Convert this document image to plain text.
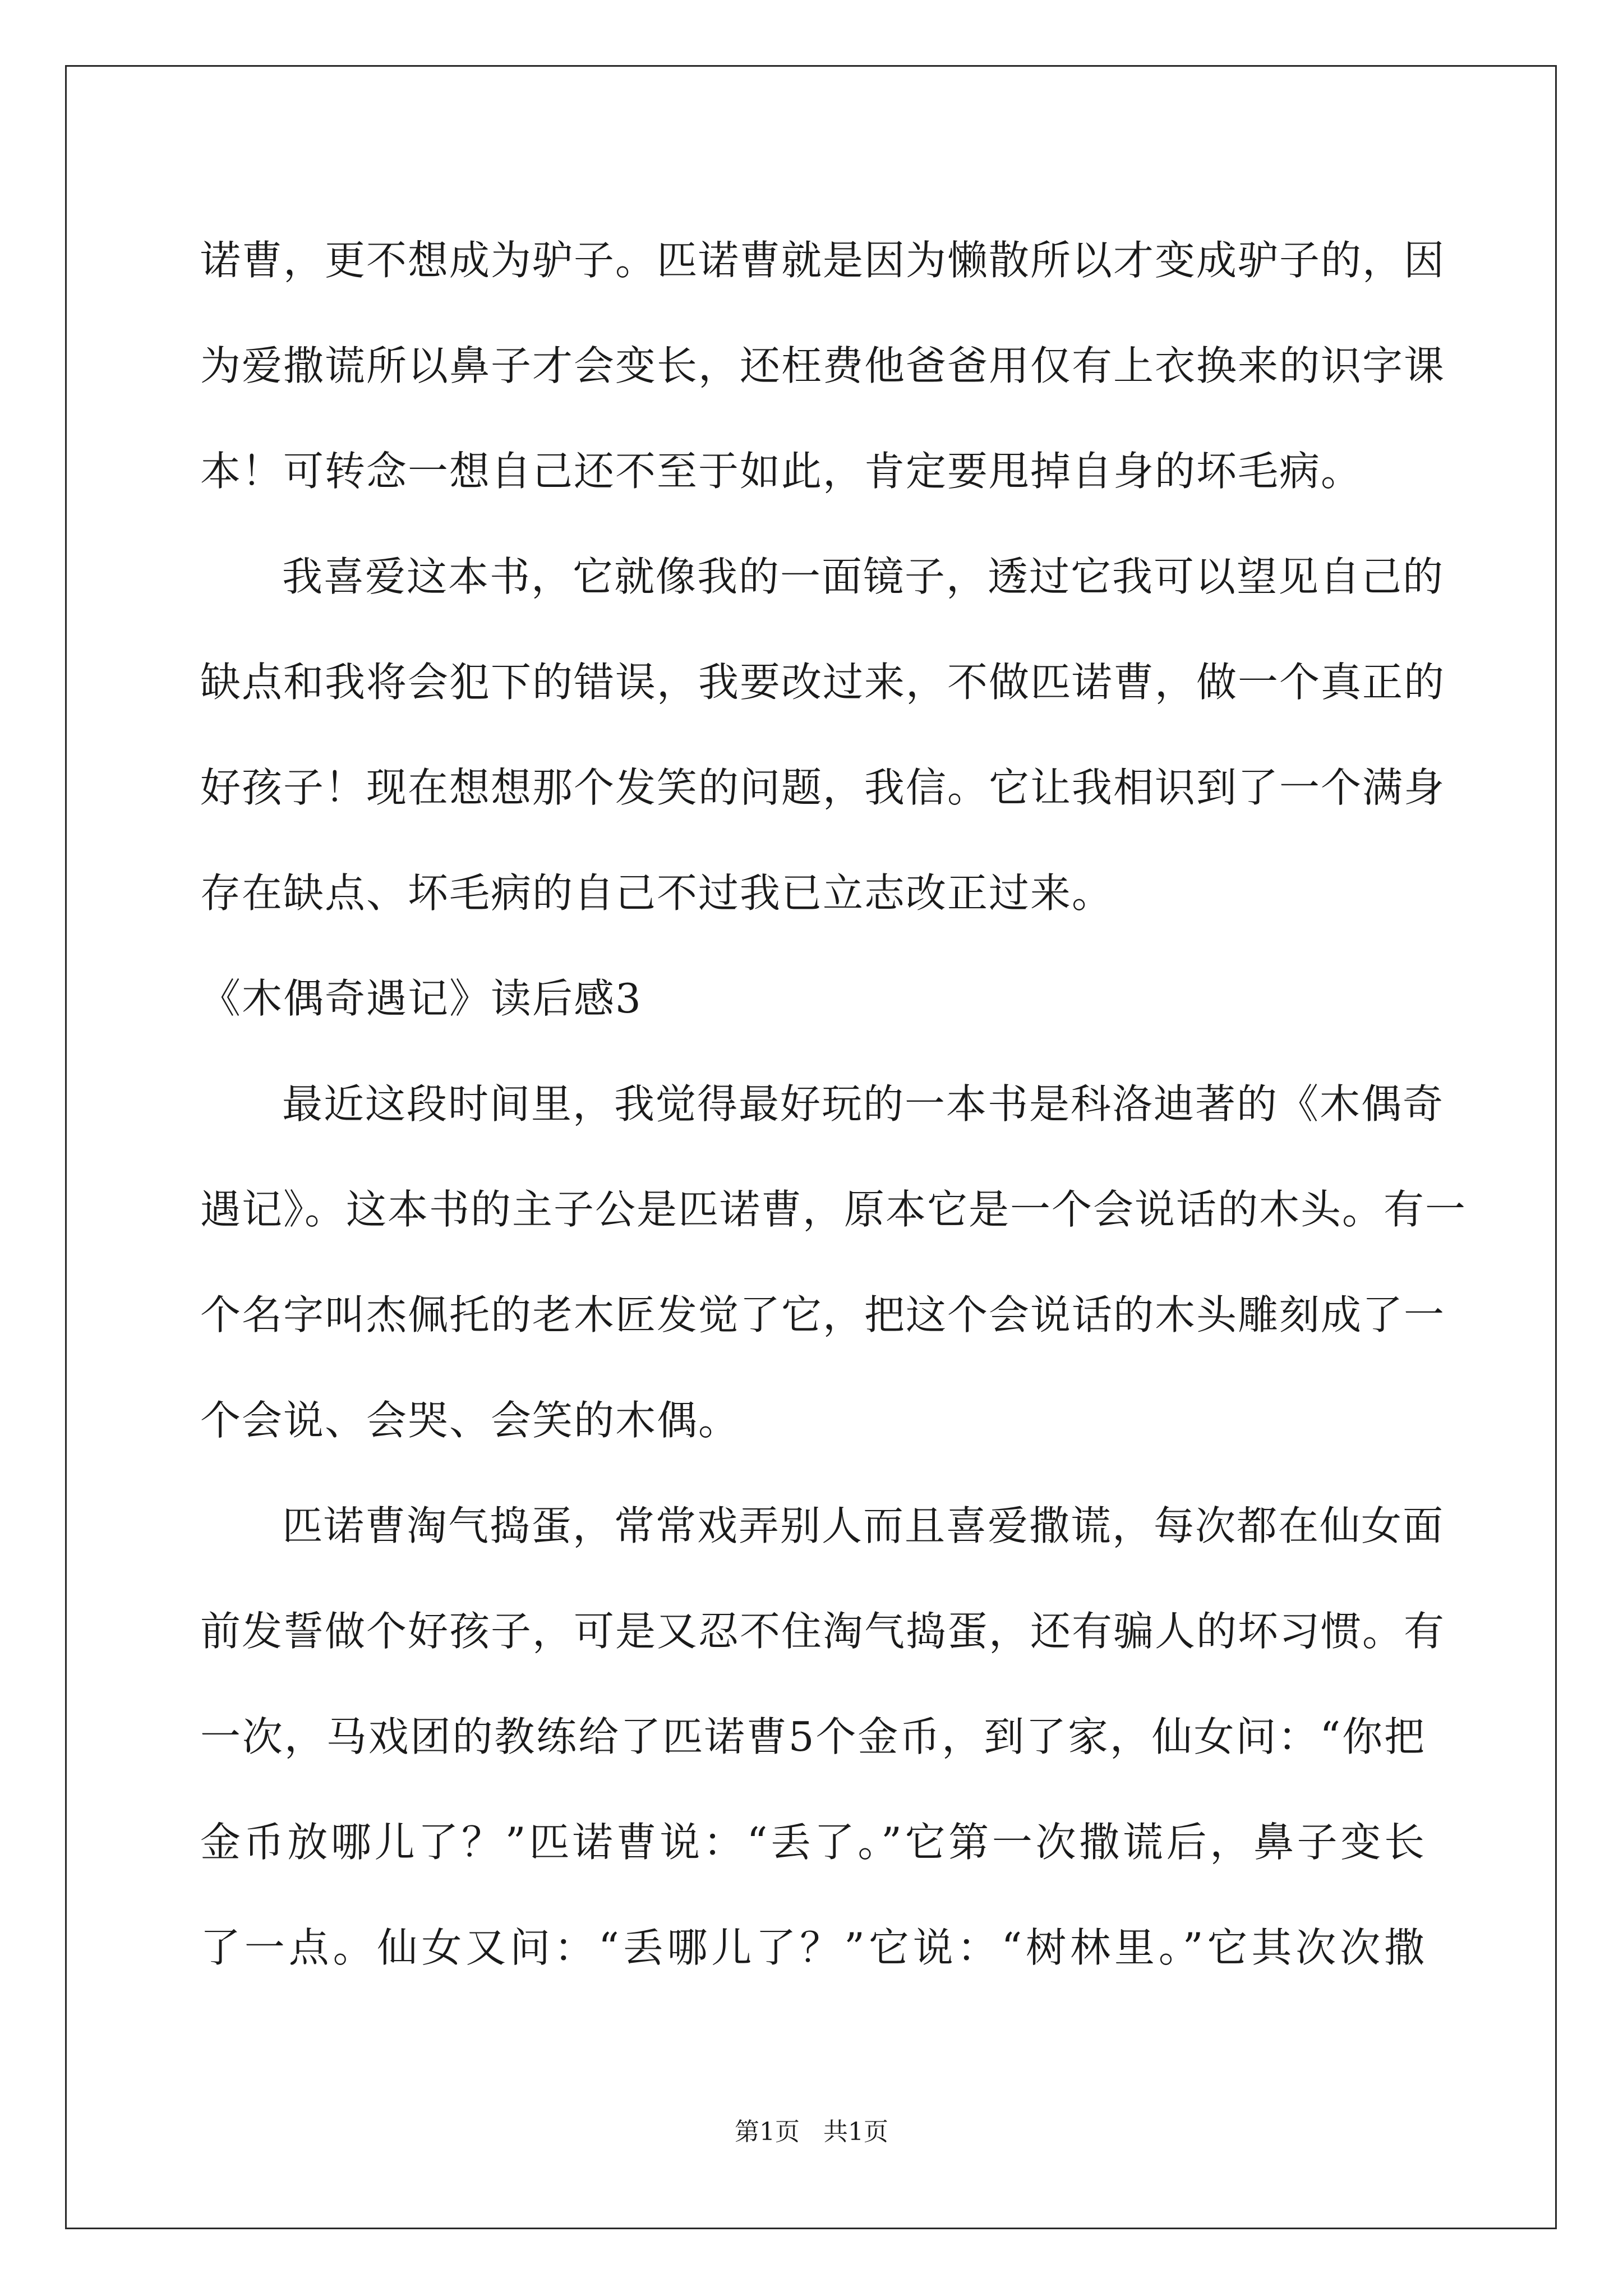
诺曹，更不想成为驴子。匹诺曹就是因为懒散所以才变成驴子的，因
为爱撒谎所以鼻子才会变长，还枉费他爸爸用仅有上衣换来的识字课
本！可转念一想自己还不至于如此，肯定要甩掉自身的坏毛病。
我喜爱这本书，它就像我的一面镜子，透过它我可以望见自己的
缺点和我将会犯下的错误，我要改过来，不做匹诺曹，做一个真正的
好孩子！现在想想那个发笑的问题，我信。它让我相识到了一个满身
存在缺点、坏毛病的自己不过我已立志改正过来。
《木偶奇遇记》读后感3
最近这段时间里，我觉得最好玩的一本书是科洛迪著的《木偶奇
遇记》。这本书的主子公是匹诺曹，原本它是一个会说话的木头。有一
个名字叫杰佩托的老木匠发觉了它，把这个会说话的木头雕刻成了一
个会说、会哭、会笑的木偶。
匹诺曹淘气捣蛋，常常戏弄别人而且喜爱撒谎，每次都在仙女面
前发誓做个好孩子，可是又忍不住淘气捣蛋，还有骗人的坏习惯。有
一次，马戏团的教练给了匹诺曹5个金币，到了家，仙女问：“你把
金币放哪儿了？”匹诺曹说：“丢了。”它第一次撒谎后，鼻子变长
了一点。仙女又问：“丢哪儿了？”它说：“树林里。”它其次次撒
第1页 共1页
